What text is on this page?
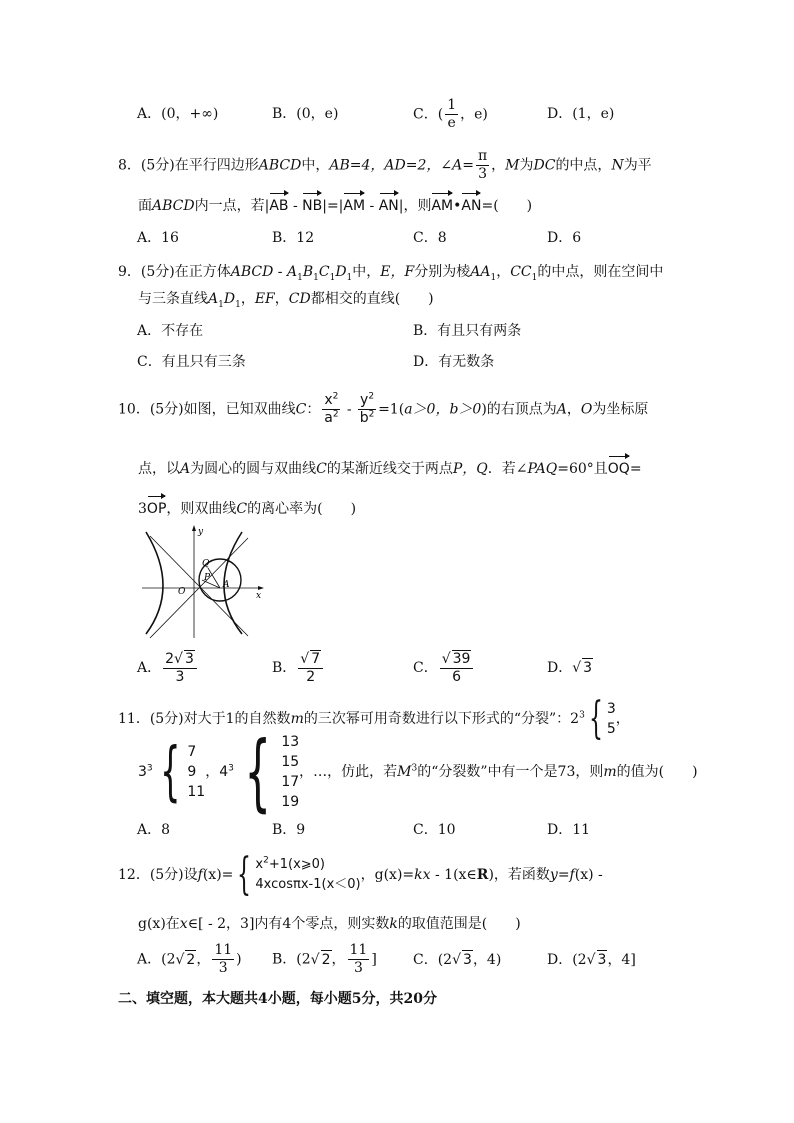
A．(0，+∞)	B．(0，e)	C．( $\frac{1}{e}$ ，e)	D．(1，e)
8．(5分)在平行四边形ABCD中，AB=4，AD=2，∠A= $\frac{\pi}{3}$ ，M为DC的中点，N为平
面ABCD内一点，若|AB - NB|=|AM - AN|，则AM•AN=(　　)
A．16	B．12	C．8	D．6
9．(5分)在正方体ABCD - $A_1B_1C_1D_1$中，E，F分别为棱$AA_1$，$CC_1$的中点，则在空间中
与三条直线$A_1D_1$，EF，CD都相交的直线(　　)
A．不存在	B．有且只有两条
C．有且只有三条	D．有无数条
10．(5分)如图，已知双曲线C： $\frac{x^2}{a^2} - \frac{y^2}{b^2} =1(a>0$，b＞0)的右顶点为A，O为坐标原
点，以A为圆心的圆与双曲线C的某渐近线交于两点P，Q．若∠PAQ=60°且OQ=
3OP，则双曲线C的离心率为(　　)
y
x
O
Q
P
A
A． $\frac{2√ 3}{3}$	B． $\frac{√ 7}{2}$	C． $\frac{√ 39}{6}$	D．√ 3
11．(5分)对大于1的自然数m的三次幂可用奇数进行以下形式的“分裂”：$2^3${ 3
5
，
$3^3$ { 7
9
11
，$4^3$ { 13
15
17
19
，…，仿此，若$M^3$的“分裂数”中有一个是73，则m的值为(　　)
A．8	B．9	C．10	D．11
12．(5分)设f(x)={ $x^2+1(x⩾0)$
4xcosπx-1(x＜0)
，g(x)=kx - 1(x∈R)，若函数y=f(x) -
g(x)在x∈[ - 2，3]内有4个零点，则实数k的取值范围是(　　)
A．(2√ 2， $\frac{11}{3}$ ) B．(2√ 2， $\frac{11}{3}$ ]	C．(2√ 3，4)	D．(2√ 3，4]
二、填空题，本大题共4小题，每小题5分，共20分
